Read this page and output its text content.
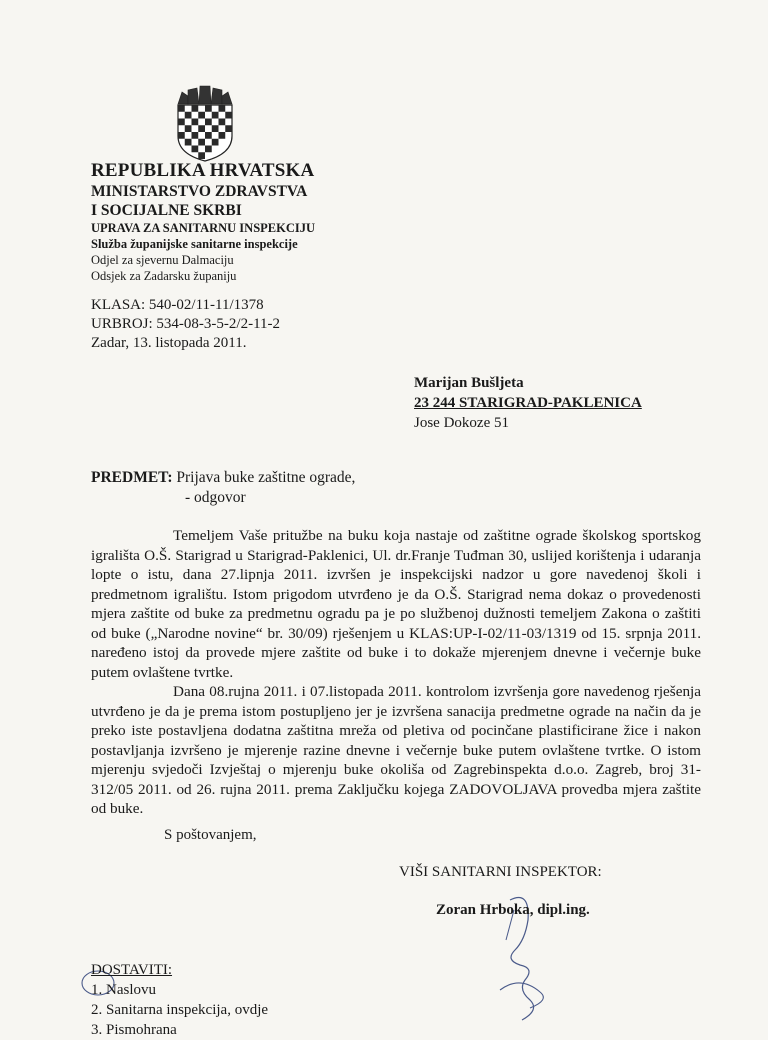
REPUBLIKA HRVATSKA
MINISTARSTVO ZDRAVSTVA
I SOCIJALNE SKRBI
UPRAVA ZA SANITARNU INSPEKCIJU
Služba županijske sanitarne inspekcije
Odjel za sjevernu Dalmaciju
Odsjek za Zadarsku županiju
KLASA: 540-02/11-11/1378
URBROJ: 534-08-3-5-2/2-11-2
Zadar, 13. listopada 2011.
Marijan Bušljeta
23 244 STARIGRAD-PAKLENICA
Jose Dokoze 51
PREDMET: Prijava buke zaštitne ograde,
- odgovor

Temeljem Vaše pritužbe na buku koja nastaje od zaštitne ograde školskog sportskog igrališta O.Š. Starigrad u Starigrad-Paklenici, Ul. dr.Franje Tuđman 30, uslijed korištenja i udaranja lopte o istu, dana 27.lipnja 2011. izvršen je inspekcijski nadzor u gore navedenoj školi i predmetnom igralištu. Istom prigodom utvrđeno je da O.Š. Starigrad nema dokaz o provedenosti mjera zaštite od buke za predmetnu ogradu pa je po službenoj dužnosti temeljem Zakona o zaštiti od buke („Narodne novine“ br. 30/09) rješenjem u KLAS:UP-I-02/11-03/1319 od 15. srpnja 2011. naređeno istoj da provede mjere zaštite od buke i to dokaže mjerenjem dnevne i večernje buke putem ovlaštene tvrtke.

Dana 08.rujna 2011. i 07.listopada 2011. kontrolom izvršenja gore navedenog rješenja utvrđeno je da je prema istom postupljeno jer je izvršena sanacija predmetne ograde na način da je preko iste postavljena dodatna zaštitna mreža od pletiva od pocinčane plastificirane žice i nakon postavljanja izvršeno je mjerenje razine dnevne i večernje buke putem ovlaštene tvrtke. O istom mjerenju svjedoči Izvještaj o mjerenju buke okoliša od Zagrebinspekta d.o.o. Zagreb, broj 31-312/05 2011. od 26. rujna 2011. prema Zaključku kojega ZADOVOLJAVA provedba mjera zaštite od buke.

S poštovanjem,
VIŠI SANITARNI INSPEKTOR:
Zoran Hrboka, dipl.ing.
DOSTAVITI:
1. Naslovu
2. Sanitarna inspekcija, ovdje
3. Pismohrana
